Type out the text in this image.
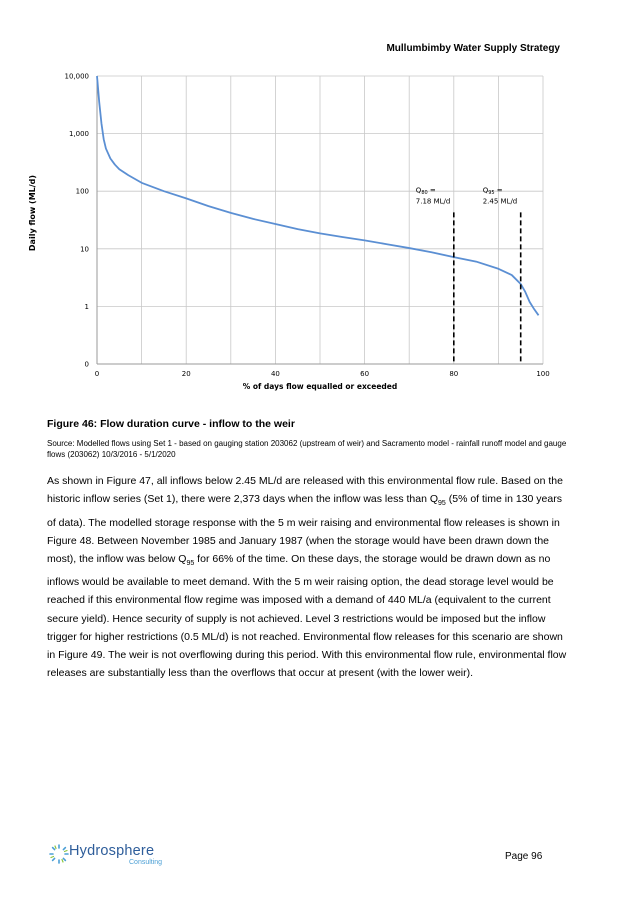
Mullumbimby Water Supply Strategy
0
1
10
100
1,000
10,000
0	20	40	60	80	100
$Q_{80}$ =
7.18 ML/d
$Q_{95}$ =
2.45 ML/d
Daily flow (ML/d)
% of days flow equalled or exceeded
Figure 46: Flow duration curve - inflow to the weir
Source: Modelled flows using Set 1 - based on gauging station 203062 (upstream of weir) and Sacramento model - rainfall runoff model and gauge flows (203062) 10/3/2016 - 5/1/2020
As shown in Figure 47, all inflows below 2.45 ML/d are released with this environmental flow rule. Based on the historic inflow series (Set 1), there were 2,373 days when the inflow was less than $Q_{95}$ (5% of time in 130 years of data). The modelled storage response with the 5 m weir raising and environmental flow releases is shown in Figure 48. Between November 1985 and January 1987 (when the storage would have been drawn down the most), the inflow was below $Q_{95}$ for 66% of the time. On these days, the storage would be drawn down as no inflows would be available to meet demand. With the 5 m weir raising option, the dead storage level would be reached if this environmental flow regime was imposed with a demand of 440 ML/a (equivalent to the current secure yield). Hence security of supply is not achieved. Level 3 restrictions would be imposed but the inflow trigger for higher restrictions (0.5 ML/d) is not reached. Environmental flow releases for this scenario are shown in Figure 49. The weir is not overflowing during this period. With this environmental flow rule, environmental flow releases are substantially less than the overflows that occur at present (with the lower weir).
Hydrosphere
Consulting
Page 96
